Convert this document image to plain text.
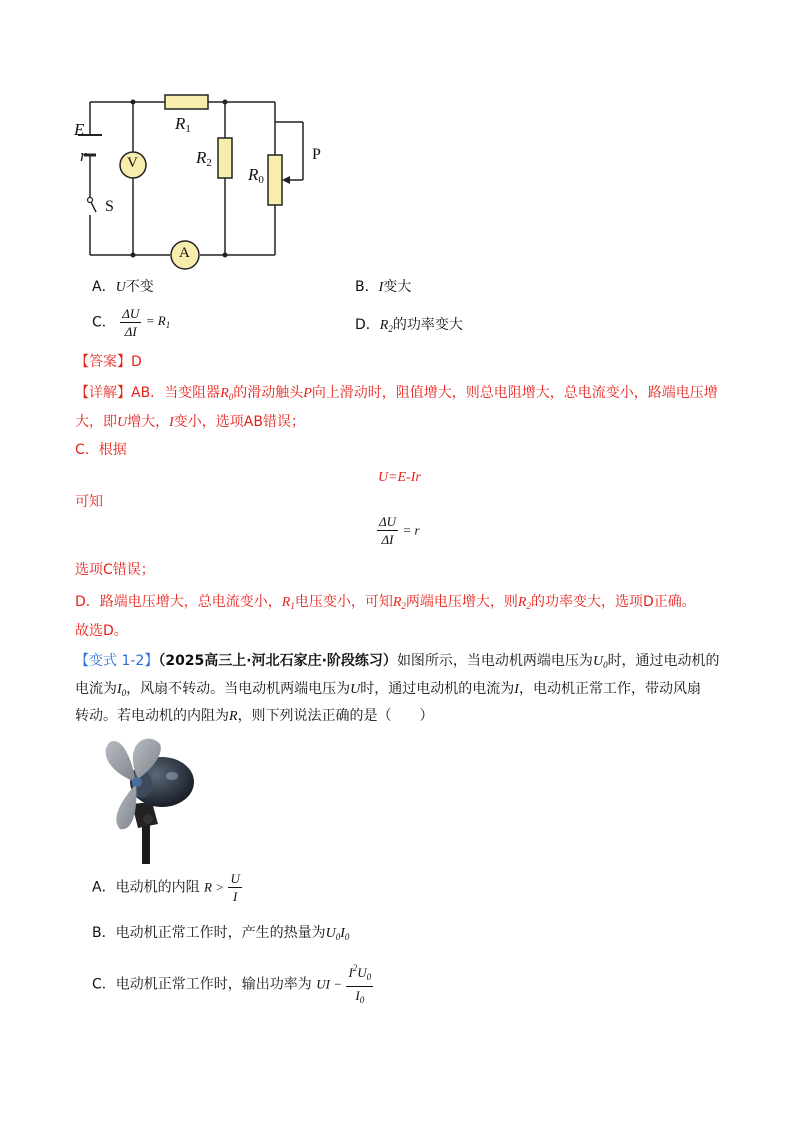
V
A
E
r
S
P
$R_1$
$R_2$
$R_0$
A．U不变	B．I变大
C． $\frac{\Delta U}{\Delta I} = R_1$	D．$R_2$的功率变大
【答案】D
【详解】AB．当变阻器$R_0$的滑动触头P向上滑动时，阻值增大，则总电阻增大，总电流变小，路端电压增
大，即U增大，I变小，选项AB错误；
C．根据
U=E-Ir
可知
$\frac{\Delta U}{\Delta I} = r$
选项C错误；
D．路端电压增大，总电流变小，$R_1$电压变小，可知$R_2$两端电压增大，则$R_2$的功率变大，选项D正确。
故选D。
【变式 1-2】（2025高三上·河北石家庄·阶段练习）如图所示，当电动机两端电压为$U_0$时，通过电动机的
电流为$I_0$，风扇不转动。当电动机两端电压为U时，通过电动机的电流为I，电动机正常工作，带动风扇
转动。若电动机的内阻为R，则下列说法正确的是（　　）
A．电动机的内阻 $R > \frac{U}{I}$
B．电动机正常工作时，产生的热量为$U_0I_0$
C．电动机正常工作时，输出功率为 UI − $\frac{I^2U_0}{I_0}$
